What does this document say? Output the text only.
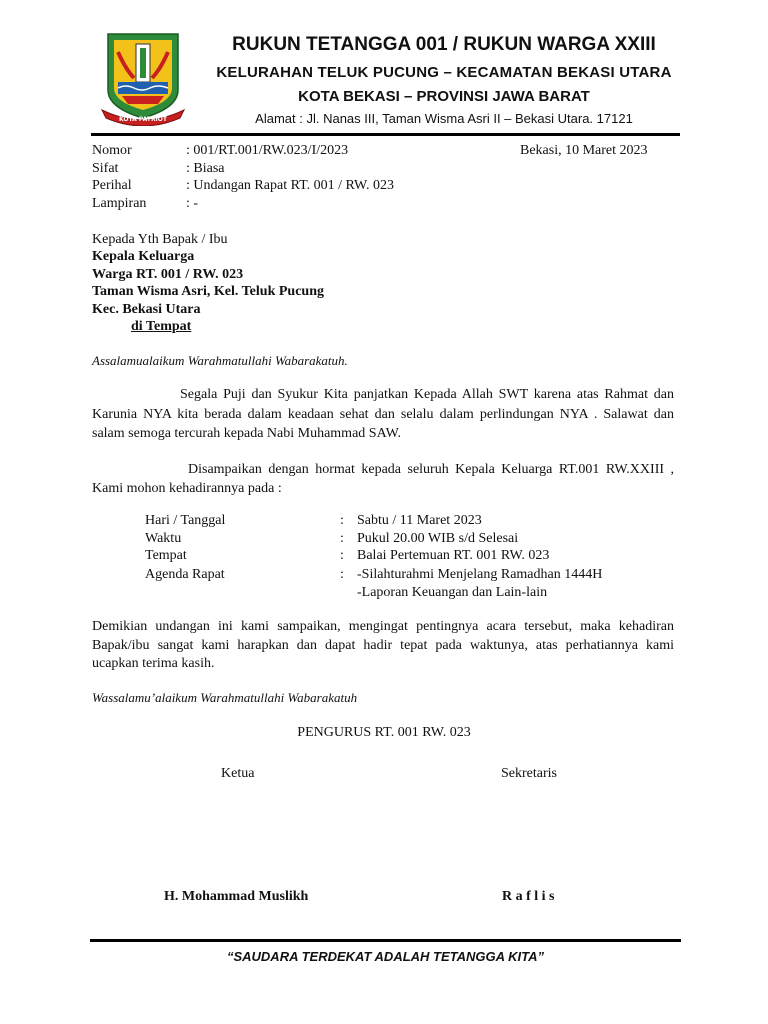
KOTA PATRIOT
RUKUN TETANGGA 001 / RUKUN WARGA XXIII
KELURAHAN TELUK PUCUNG – KECAMATAN BEKASI UTARA
KOTA BEKASI – PROVINSI JAWA BARAT
Alamat : Jl. Nanas III, Taman Wisma Asri II – Bekasi Utara. 17121
Nomor	: 001/RT.001/RW.023/I/2023	Bekasi, 10 Maret 2023
Sifat	: Biasa
Perihal	: Undangan Rapat RT. 001 / RW. 023
Lampiran	: -
Kepada Yth Bapak / Ibu
Kepala Keluarga
Warga RT. 001 / RW. 023
Taman Wisma Asri, Kel. Teluk Pucung
Kec. Bekasi Utara
di Tempat
Assalamualaikum Warahmatullahi Wabarakatuh.
Segala Puji dan Syukur Kita panjatkan Kepada Allah SWT karena atas Rahmat dan
Karunia NYA kita berada dalam keadaan sehat dan selalu dalam perlindungan NYA . Salawat dan
salam semoga tercurah kepada Nabi Muhammad SAW.
Disampaikan dengan hormat kepada seluruh Kepala Keluarga RT.001 RW.XXIII ,
Kami mohon kehadirannya pada :
Hari / Tanggal	: Sabtu / 11 Maret 2023
Waktu	: Pukul 20.00 WIB s/d Selesai
Tempat	: Balai Pertemuan RT. 001 RW. 023
Agenda Rapat	: -Silahturahmi Menjelang Ramadhan 1444H
-Laporan Keuangan dan Lain-lain
Demikian undangan ini kami sampaikan, mengingat pentingnya acara tersebut, maka kehadiran
Bapak/ibu sangat kami harapkan dan dapat hadir tepat pada waktunya, atas perhatiannya kami
ucapkan terima kasih.
Wassalamu’alaikum Warahmatullahi Wabarakatuh
PENGURUS RT. 001 RW. 023
Ketua	Sekretaris
H. Mohammad Muslikh	R a f l i s
“SAUDARA TERDEKAT ADALAH TETANGGA KITA”
